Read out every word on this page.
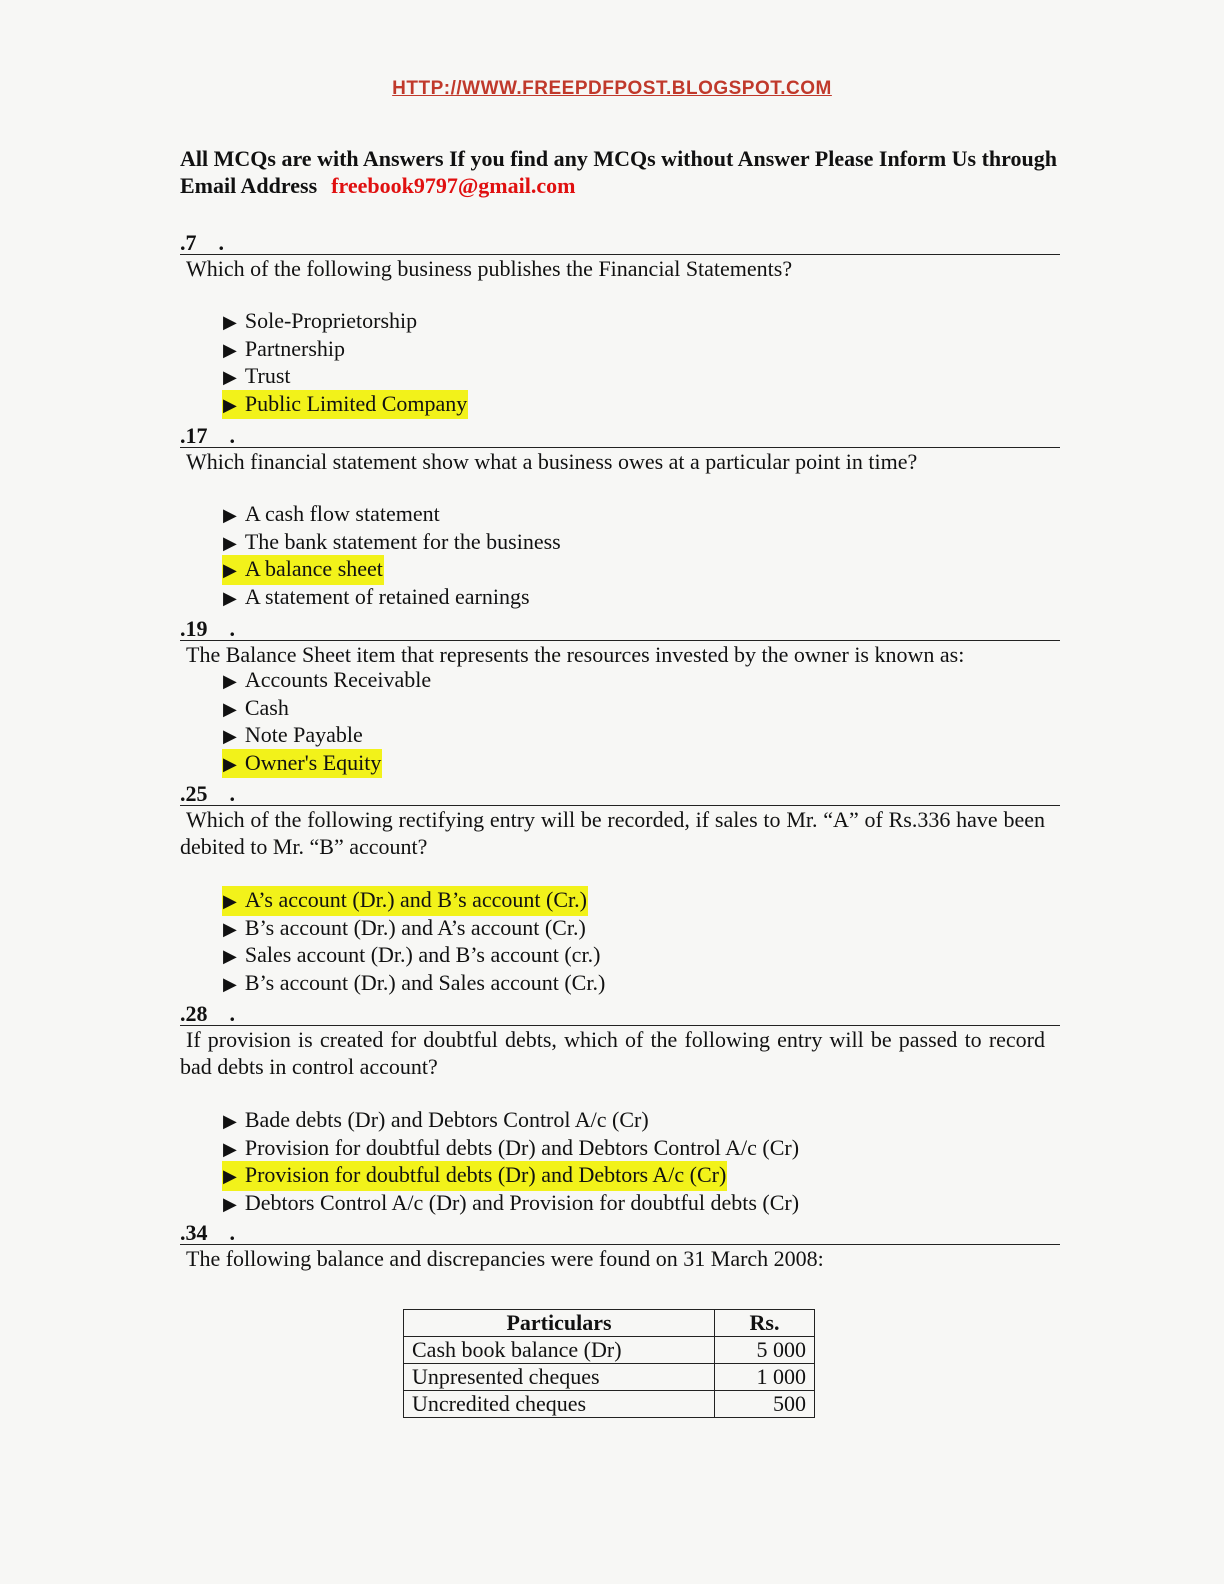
HTTP://WWW.FREEPDFPOST.BLOGSPOT.COM
All MCQs are with Answers If you find any MCQs without Answer Please Inform Us through Email Address freebook9797@gmail.com
.7 .
Which of the following business publishes the Financial Statements?
▶ Sole-Proprietorship
▶ Partnership
▶ Trust
▶ Public Limited Company
.17 .
Which financial statement show what a business owes at a particular point in time?
▶ A cash flow statement
▶ The bank statement for the business
▶ A balance sheet
▶ A statement of retained earnings
.19 .
The Balance Sheet item that represents the resources invested by the owner is known as:
▶ Accounts Receivable
▶ Cash
▶ Note Payable
▶ Owner's Equity
.25 .
Which of the following rectifying entry will be recorded, if sales to Mr. “A” of Rs.336 have been debited to Mr. “B” account?
▶ A’s account (Dr.) and B’s account (Cr.)
▶ B’s account (Dr.) and A’s account (Cr.)
▶ Sales account (Dr.) and B’s account (cr.)
▶ B’s account (Dr.) and Sales account (Cr.)
.28 .
If provision is created for doubtful debts, which of the following entry will be passed to record bad debts in control account?
▶ Bade debts (Dr) and Debtors Control A/c (Cr)
▶ Provision for doubtful debts (Dr) and Debtors Control A/c (Cr)
▶ Provision for doubtful debts (Dr) and Debtors A/c (Cr)
▶ Debtors Control A/c (Dr) and Provision for doubtful debts (Cr)
.34 .
The following balance and discrepancies were found on 31 March 2008:
Particulars	Rs.
Cash book balance (Dr)	5 000
Unpresented cheques	1 000
Uncredited cheques	500
